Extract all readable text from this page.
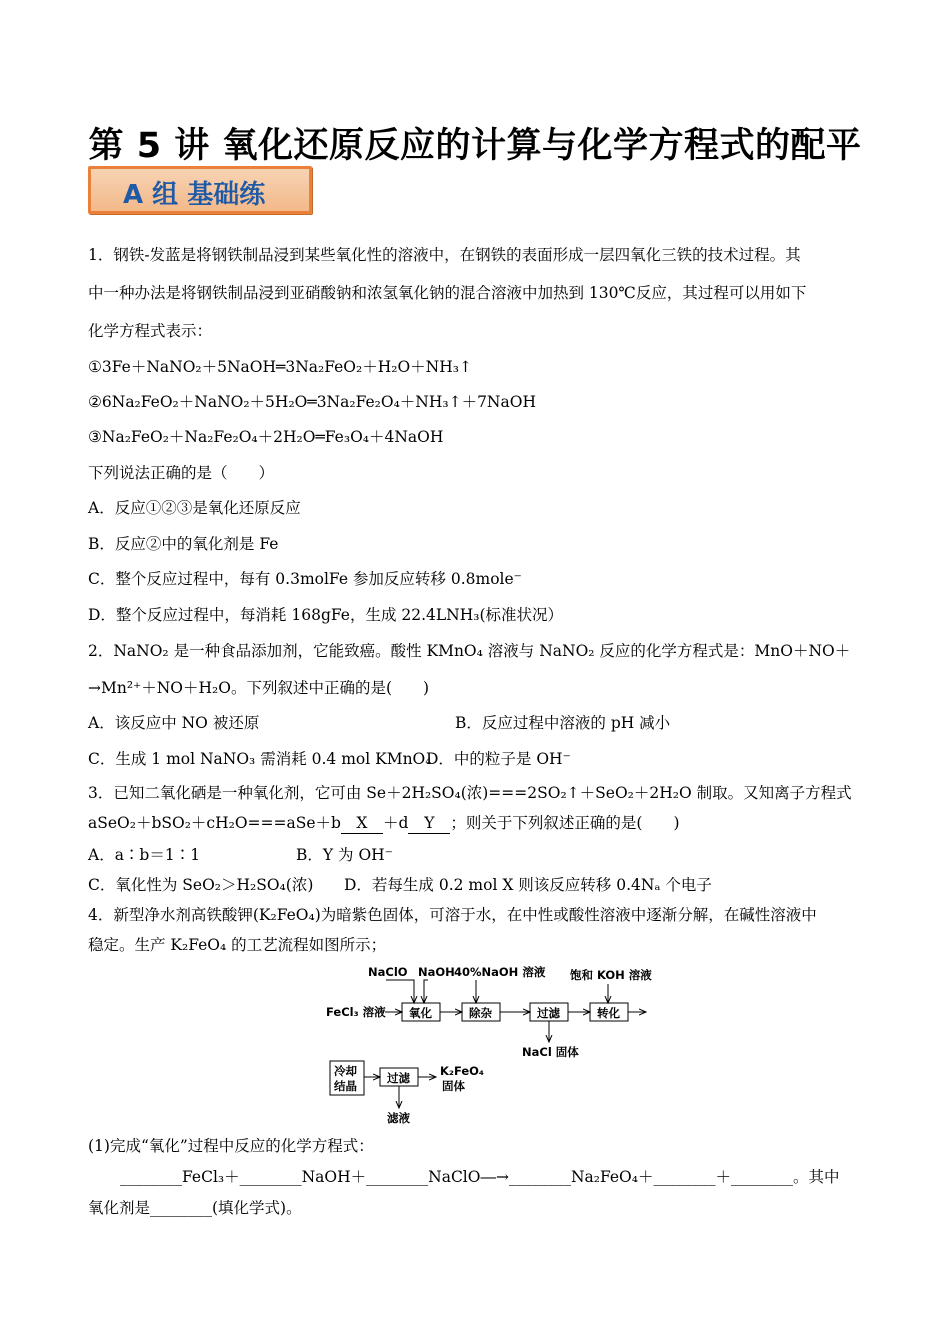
第 5 讲 氧化还原反应的计算与化学方程式的配平
A 组 基础练
1．钢铁-发蓝是将钢铁制品浸到某些氧化性的溶液中，在钢铁的表面形成一层四氧化三铁的技术过程。其
中一种办法是将钢铁制品浸到亚硝酸钠和浓氢氧化钠的混合溶液中加热到 130℃反应，其过程可以用如下
化学方程式表示：
①3Fe＋NaNO₂＋5NaOH═3Na₂FeO₂＋H₂O＋NH₃↑
②6Na₂FeO₂＋NaNO₂＋5H₂O═3Na₂Fe₂O₄＋NH₃↑＋7NaOH
③Na₂FeO₂＋Na₂Fe₂O₄＋2H₂O═Fe₃O₄＋4NaOH
下列说法正确的是（　　）
A．反应①②③是氧化还原反应
B．反应②中的氧化剂是 Fe
C．整个反应过程中，每有 0.3molFe 参加反应转移 0.8mole⁻
D．整个反应过程中，每消耗 168gFe，生成 22.4LNH₃(标准状况）
2．NaNO₂ 是一种食品添加剂，它能致癌。酸性 KMnO₄ 溶液与 NaNO₂ 反应的化学方程式是：MnO＋NO＋
→Mn²⁺＋NO＋H₂O。下列叙述中正确的是(　　)
A．该反应中 NO 被还原	B．反应过程中溶液的 pH 减小
C．生成 1 mol NaNO₃ 需消耗 0.4 mol KMnO₄
D．中的粒子是 OH⁻
3．已知二氧化硒是一种氧化剂，它可由 Se＋2H₂SO₄(浓)===2SO₂↑＋SeO₂＋2H₂O 制取。又知离子方程式
aSeO₂＋bSO₂＋cH₂O===aSe＋b X ＋d Y ；则关于下列叙述正确的是(　　)
A．a∶b＝1∶1	B．Y 为 OH⁻
C．氧化性为 SeO₂＞H₂SO₄(浓)	D．若每生成 0.2 mol X 则该反应转移 0.4Nₐ 个电子
4．新型净水剂高铁酸钾(K₂FeO₄)为暗紫色固体，可溶于水，在中性或酸性溶液中逐渐分解，在碱性溶液中
稳定。生产 K₂FeO₄ 的工艺流程如图所示；
NaClO NaOH 40%NaOH 溶液 饱和 KOH 溶液
FeCl₃ 溶液 氧化	除杂	过滤	转化
NaCl 固体
冷却
结晶
过滤	K₂FeO₄
固体
滤液
(1)完成“氧化”过程中反应的化学方程式：
________FeCl₃＋________NaOH＋________NaClO―→________Na₂FeO₄＋________＋________。其中
氧化剂是________(填化学式)。
